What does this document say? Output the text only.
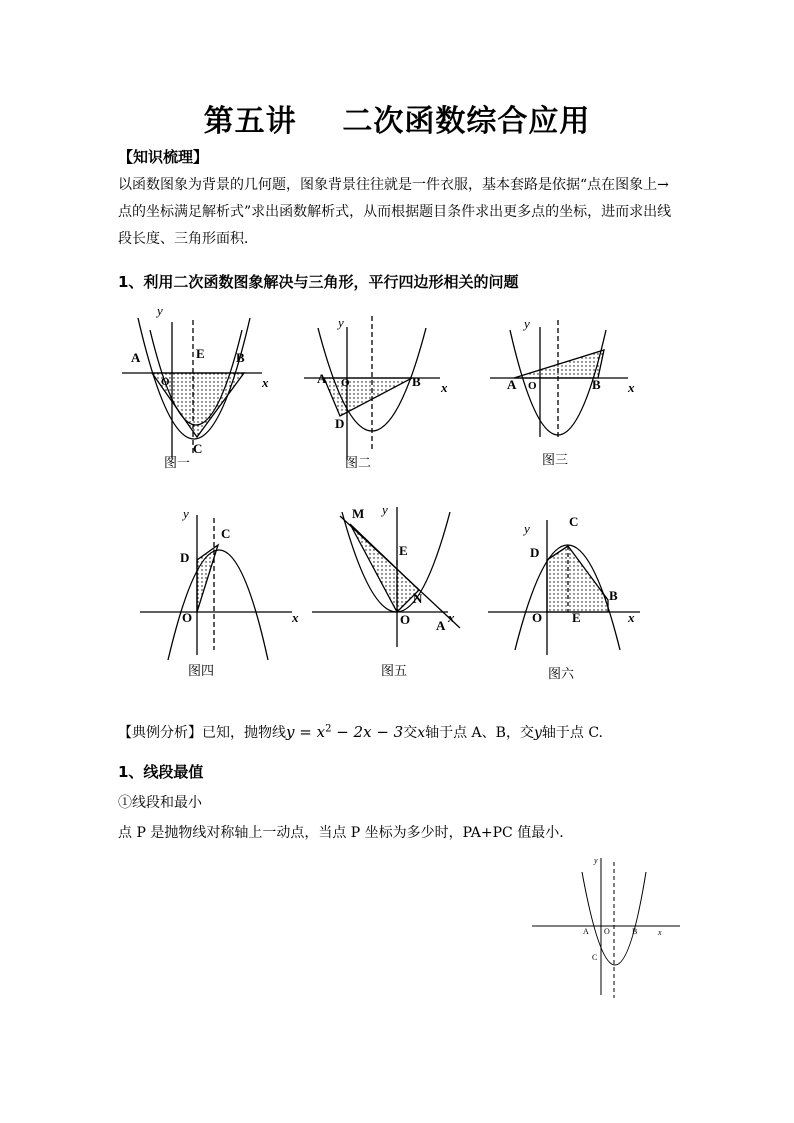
第五讲    二次函数综合应用
【知识梳理】
以函数图象为背景的几何题，图象背景往往就是一件衣服，基本套路是依据“点在图象上→点的坐标满足解析式”求出函数解析式，从而根据题目条件求出更多点的坐标，进而求出线段长度、三角形面积．
1、利用二次函数图象解决与三角形，平行四边形相关的问题
y
x
A	B
E
O
C
y
x
A	B
O
D
y
x
A O	B
y
x
C
D
O
y
x
M
E
N
O A
y
x
C
D
B
O E
y
x
A O	B
C
图一	图二	图三
图四	图五	图六
【典例分析】已知，抛物线$y = x^2 - 2x - 3$交x轴于点 A、B，交y轴于点 C.
1、线段最值
①线段和最小
点 P 是抛物线对称轴上一动点，当点 P 坐标为多少时，PA+PC 值最小.
